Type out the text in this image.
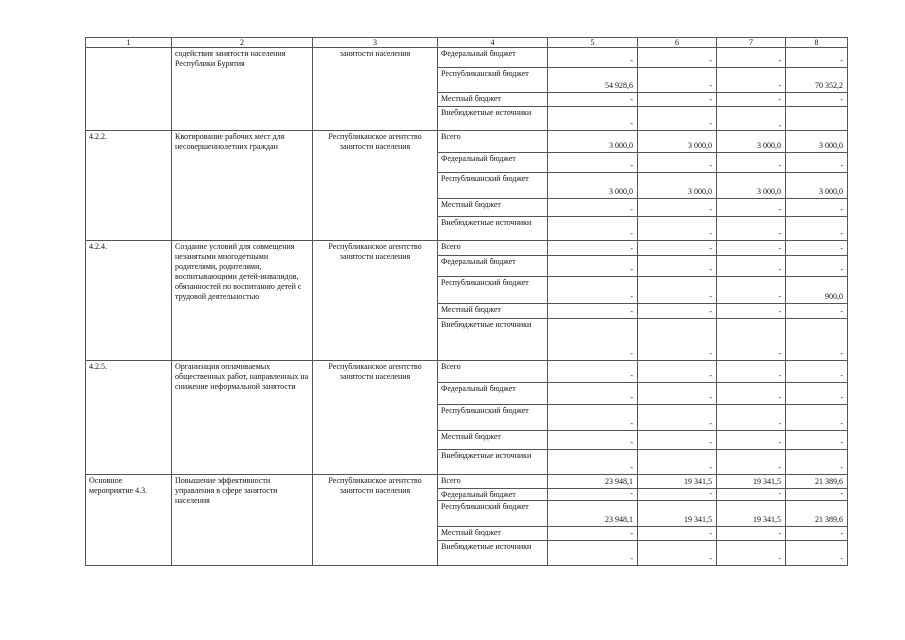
1	2	3	4	5	6	7	8
	содействия занятости населения Республики Бурятия	занятости населения	Федеральный бюджет	-	-	-	-
			Республиканский бюджет	54 928,6	-	-	70 352,2
			Местный бюджет	-	-	-	-
			Внебюджетные источники	-	-	,	
4.2.2.	Квотирование рабочих мест для несовершеннолетних граждан	Республиканское агентство занятости населения	Всего	3 000,0	3 000,0	3 000,0	3 000,0
			Федеральный бюджет	-	-	-	-
			Республиканский бюджет	3 000,0	3 000,0	3 000,0	3 000,0
			Местный бюджет	-	-	-	-
			Внебюджетные источники	-	-	-	-
4.2.4.	Создание условий для совмещения незанятыми многодетными родителями, родителями, воспитывающими детей-инвалидов, обязанностей по воспитанию детей с трудовой деятельностью	Республиканское агентство занятости населения	Всего	-	-	-	-
			Федеральный бюджет	-	-	-	-
			Республиканский бюджет	-	-	-	900,0
			Местный бюджет	-	-	-	-
			Внебюджетные источники	-	-	-	-
4.2.5.	Организация оплачиваемых общественных работ, направленных на снижение неформальной занятости	Республиканское агентство занятости населения	Всего	-	-	-	-
			Федеральный бюджет	-	-	-	-
			Республиканский бюджет	-	-	-	-
			Местный бюджет	-	-	-	-
			Внебюджетные источники	-	-	-	-
Основное мероприятие 4.3.	Повышение эффективности управления в сфере занятости населения	Республиканское агентство занятости населения	Всего	23 948,1	19 341,5	19 341,5	21 389,6
			Федеральный бюджет	-	-	-	-
			Республиканский бюджет	23 948,1	19 341,5	19 341,5	21 389,6
			Местный бюджет	-	-	-	-
			Внебюджетные источники	-	-	-	-
